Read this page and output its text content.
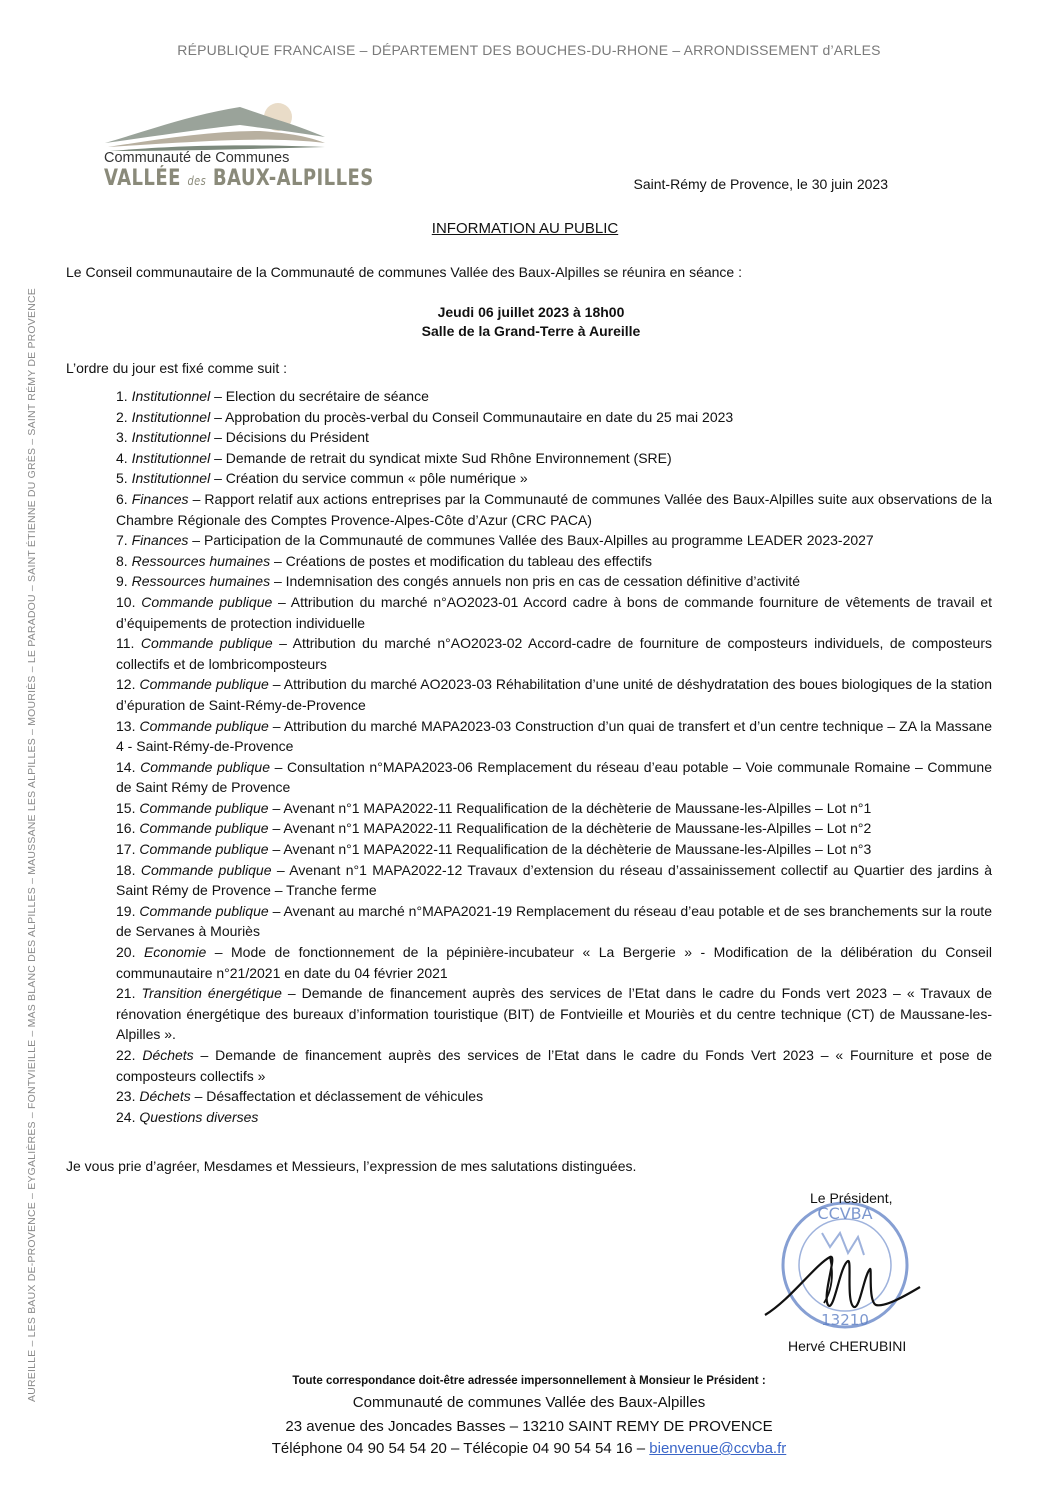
RÉPUBLIQUE FRANCAISE – DÉPARTEMENT DES BOUCHES-DU-RHONE – ARRONDISSEMENT d’ARLES
AUREILLE – LES BAUX DE-PROVENCE – EYGALIÈRES – FONTVIEILLE – MAS BLANC DES ALPILLES – MAUSSANE LES ALPILLES – MOURIÈS – LE PARADOU – SAINT ÉTIENNE DU GRÈS – SAINT RÉMY DE PROVENCE
Communauté de Communes
VALLÉE des BAUX-ALPILLES	Saint-Rémy de Provence, le 30 juin 2023
INFORMATION AU PUBLIC
Le Conseil communautaire de la Communauté de communes Vallée des Baux-Alpilles se réunira en séance :
Jeudi 06 juillet 2023 à 18h00
Salle de la Grand-Terre à Aureille
L’ordre du jour est fixé comme suit :
1. Institutionnel – Election du secrétaire de séance
2. Institutionnel – Approbation du procès-verbal du Conseil Communautaire en date du 25 mai 2023
3. Institutionnel – Décisions du Président
4. Institutionnel – Demande de retrait du syndicat mixte Sud Rhône Environnement (SRE)
5. Institutionnel – Création du service commun « pôle numérique »
6. Finances – Rapport relatif aux actions entreprises par la Communauté de communes Vallée des Baux-Alpilles suite aux observations de la Chambre Régionale des Comptes Provence-Alpes-Côte d’Azur (CRC PACA)
7. Finances – Participation de la Communauté de communes Vallée des Baux-Alpilles au programme LEADER 2023-2027
8. Ressources humaines – Créations de postes et modification du tableau des effectifs
9. Ressources humaines – Indemnisation des congés annuels non pris en cas de cessation définitive d’activité
10. Commande publique – Attribution du marché n°AO2023-01 Accord cadre à bons de commande fourniture de vêtements de travail et d’équipements de protection individuelle
11. Commande publique – Attribution du marché n°AO2023-02 Accord-cadre de fourniture de composteurs individuels, de composteurs collectifs et de lombricomposteurs
12. Commande publique – Attribution du marché AO2023-03 Réhabilitation d’une unité de déshydratation des boues biologiques de la station d’épuration de Saint-Rémy-de-Provence
13. Commande publique – Attribution du marché MAPA2023-03 Construction d’un quai de transfert et d’un centre technique – ZA la Massane 4 - Saint-Rémy-de-Provence
14. Commande publique – Consultation n°MAPA2023-06 Remplacement du réseau d’eau potable – Voie communale Romaine – Commune de Saint Rémy de Provence
15. Commande publique – Avenant n°1 MAPA2022-11 Requalification de la déchèterie de Maussane-les-Alpilles – Lot n°1
16. Commande publique – Avenant n°1 MAPA2022-11 Requalification de la déchèterie de Maussane-les-Alpilles – Lot n°2
17. Commande publique – Avenant n°1 MAPA2022-11 Requalification de la déchèterie de Maussane-les-Alpilles – Lot n°3
18. Commande publique – Avenant n°1 MAPA2022-12 Travaux d’extension du réseau d’assainissement collectif au Quartier des jardins à Saint Rémy de Provence – Tranche ferme
19. Commande publique – Avenant au marché n°MAPA2021-19 Remplacement du réseau d’eau potable et de ses branchements sur la route de Servanes à Mouriès
20. Economie – Mode de fonctionnement de la pépinière-incubateur « La Bergerie » - Modification de la délibération du Conseil communautaire n°21/2021 en date du 04 février 2021
21. Transition énergétique – Demande de financement auprès des services de l’Etat dans le cadre du Fonds vert 2023 – « Travaux de rénovation énergétique des bureaux d’information touristique (BIT) de Fontvieille et Mouriès et du centre technique (CT) de Maussane-les-Alpilles ».
22. Déchets – Demande de financement auprès des services de l’Etat dans le cadre du Fonds Vert 2023 – « Fourniture et pose de composteurs collectifs »
23. Déchets – Désaffectation et déclassement de véhicules
24. Questions diverses
Je vous prie d’agréer, Mesdames et Messieurs, l’expression de mes salutations distinguées.
CCVBA
13210
Le Président,
Hervé CHERUBINI
Toute correspondance doit-être adressée impersonnellement à Monsieur le Président :
Communauté de communes Vallée des Baux-Alpilles
23 avenue des Joncades Basses – 13210 SAINT REMY DE PROVENCE
Téléphone 04 90 54 54 20 – Télécopie 04 90 54 54 16 – bienvenue@ccvba.fr
